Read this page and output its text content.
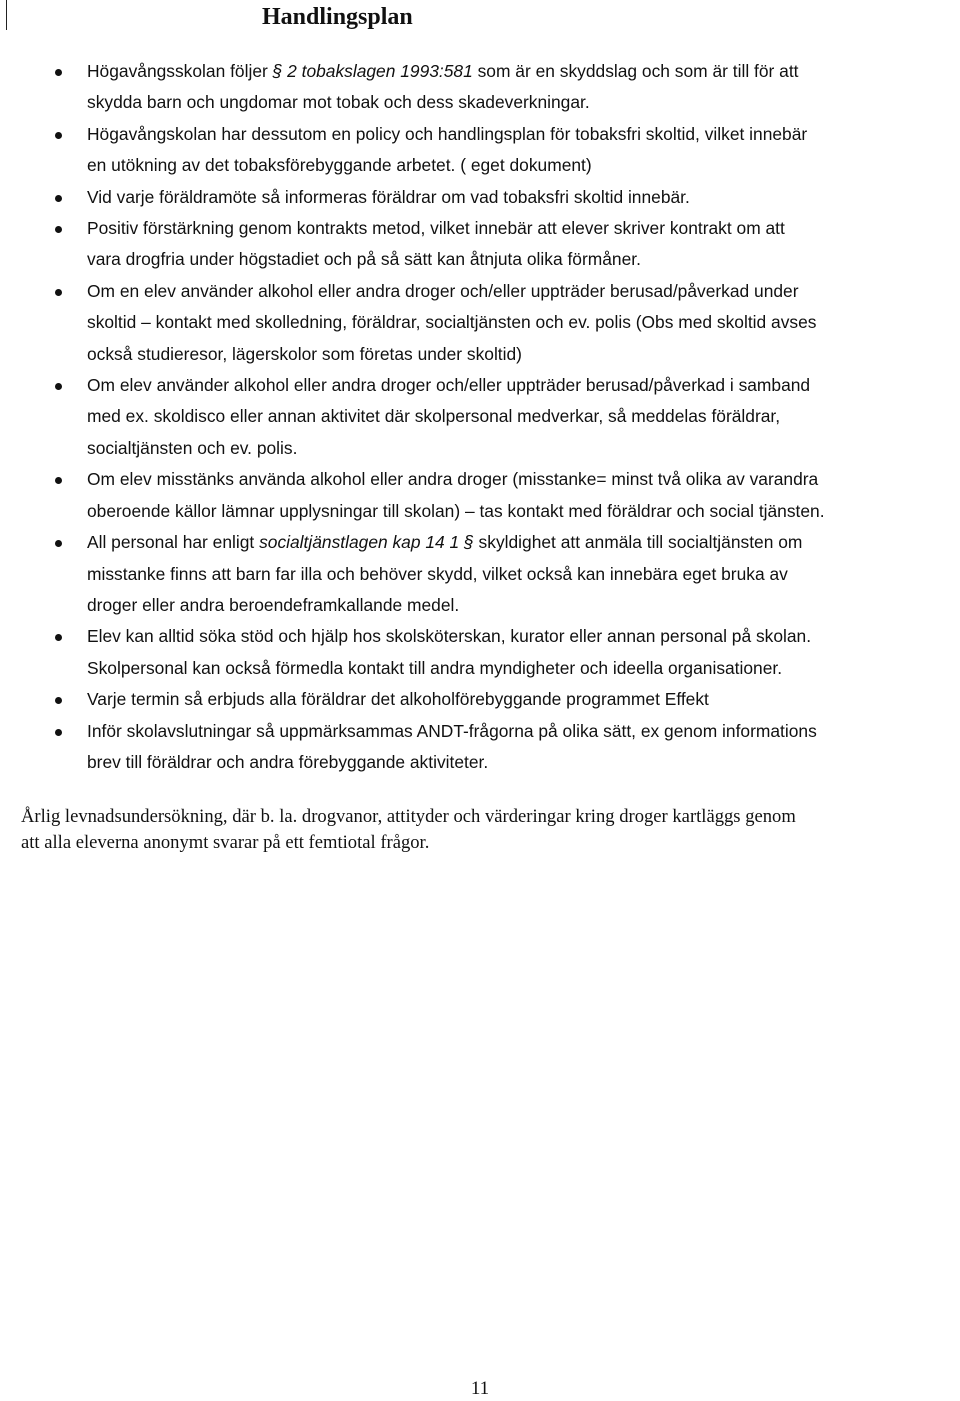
Handlingsplan
Högavångsskolan följer § 2 tobakslagen 1993:581 som är en skyddslag och som är till för att
skydda barn och ungdomar mot tobak och dess skadeverkningar.
Högavångskolan har dessutom en policy och handlingsplan för tobaksfri skoltid, vilket innebär
en utökning av det tobaksförebyggande arbetet. ( eget dokument)
Vid varje föräldramöte så informeras föräldrar om vad tobaksfri skoltid innebär.
Positiv förstärkning genom kontrakts metod, vilket innebär att elever skriver kontrakt om att
vara drogfria under högstadiet och på så sätt kan åtnjuta olika förmåner.
Om en elev använder alkohol eller andra droger och/eller uppträder berusad/påverkad under
skoltid – kontakt med skolledning, föräldrar, socialtjänsten och ev. polis (Obs med skoltid avses
också studieresor, lägerskolor som företas under skoltid)
Om elev använder alkohol eller andra droger och/eller uppträder berusad/påverkad i samband
med ex. skoldisco eller annan aktivitet där skolpersonal medverkar, så meddelas föräldrar,
socialtjänsten och ev. polis.
Om elev misstänks använda alkohol eller andra droger (misstanke= minst två olika av varandra
oberoende källor lämnar upplysningar till skolan) – tas kontakt med föräldrar och social tjänsten.
All personal har enligt socialtjänstlagen kap 14 1 § skyldighet att anmäla till socialtjänsten om
misstanke finns att barn far illa och behöver skydd, vilket också kan innebära eget bruka av
droger eller andra beroendeframkallande medel.
Elev kan alltid söka stöd och hjälp hos skolsköterskan, kurator eller annan personal på skolan.
Skolpersonal kan också förmedla kontakt till andra myndigheter och ideella organisationer.
Varje termin så erbjuds alla föräldrar det alkoholförebyggande programmet Effekt
Inför skolavslutningar så uppmärksammas ANDT-frågorna på olika sätt, ex genom informations
brev till föräldrar och andra förebyggande aktiviteter.

Årlig levnadsundersökning, där b. la. drogvanor, attityder och värderingar kring droger kartläggs genom
att alla eleverna anonymt svarar på ett femtiotal frågor.

11
